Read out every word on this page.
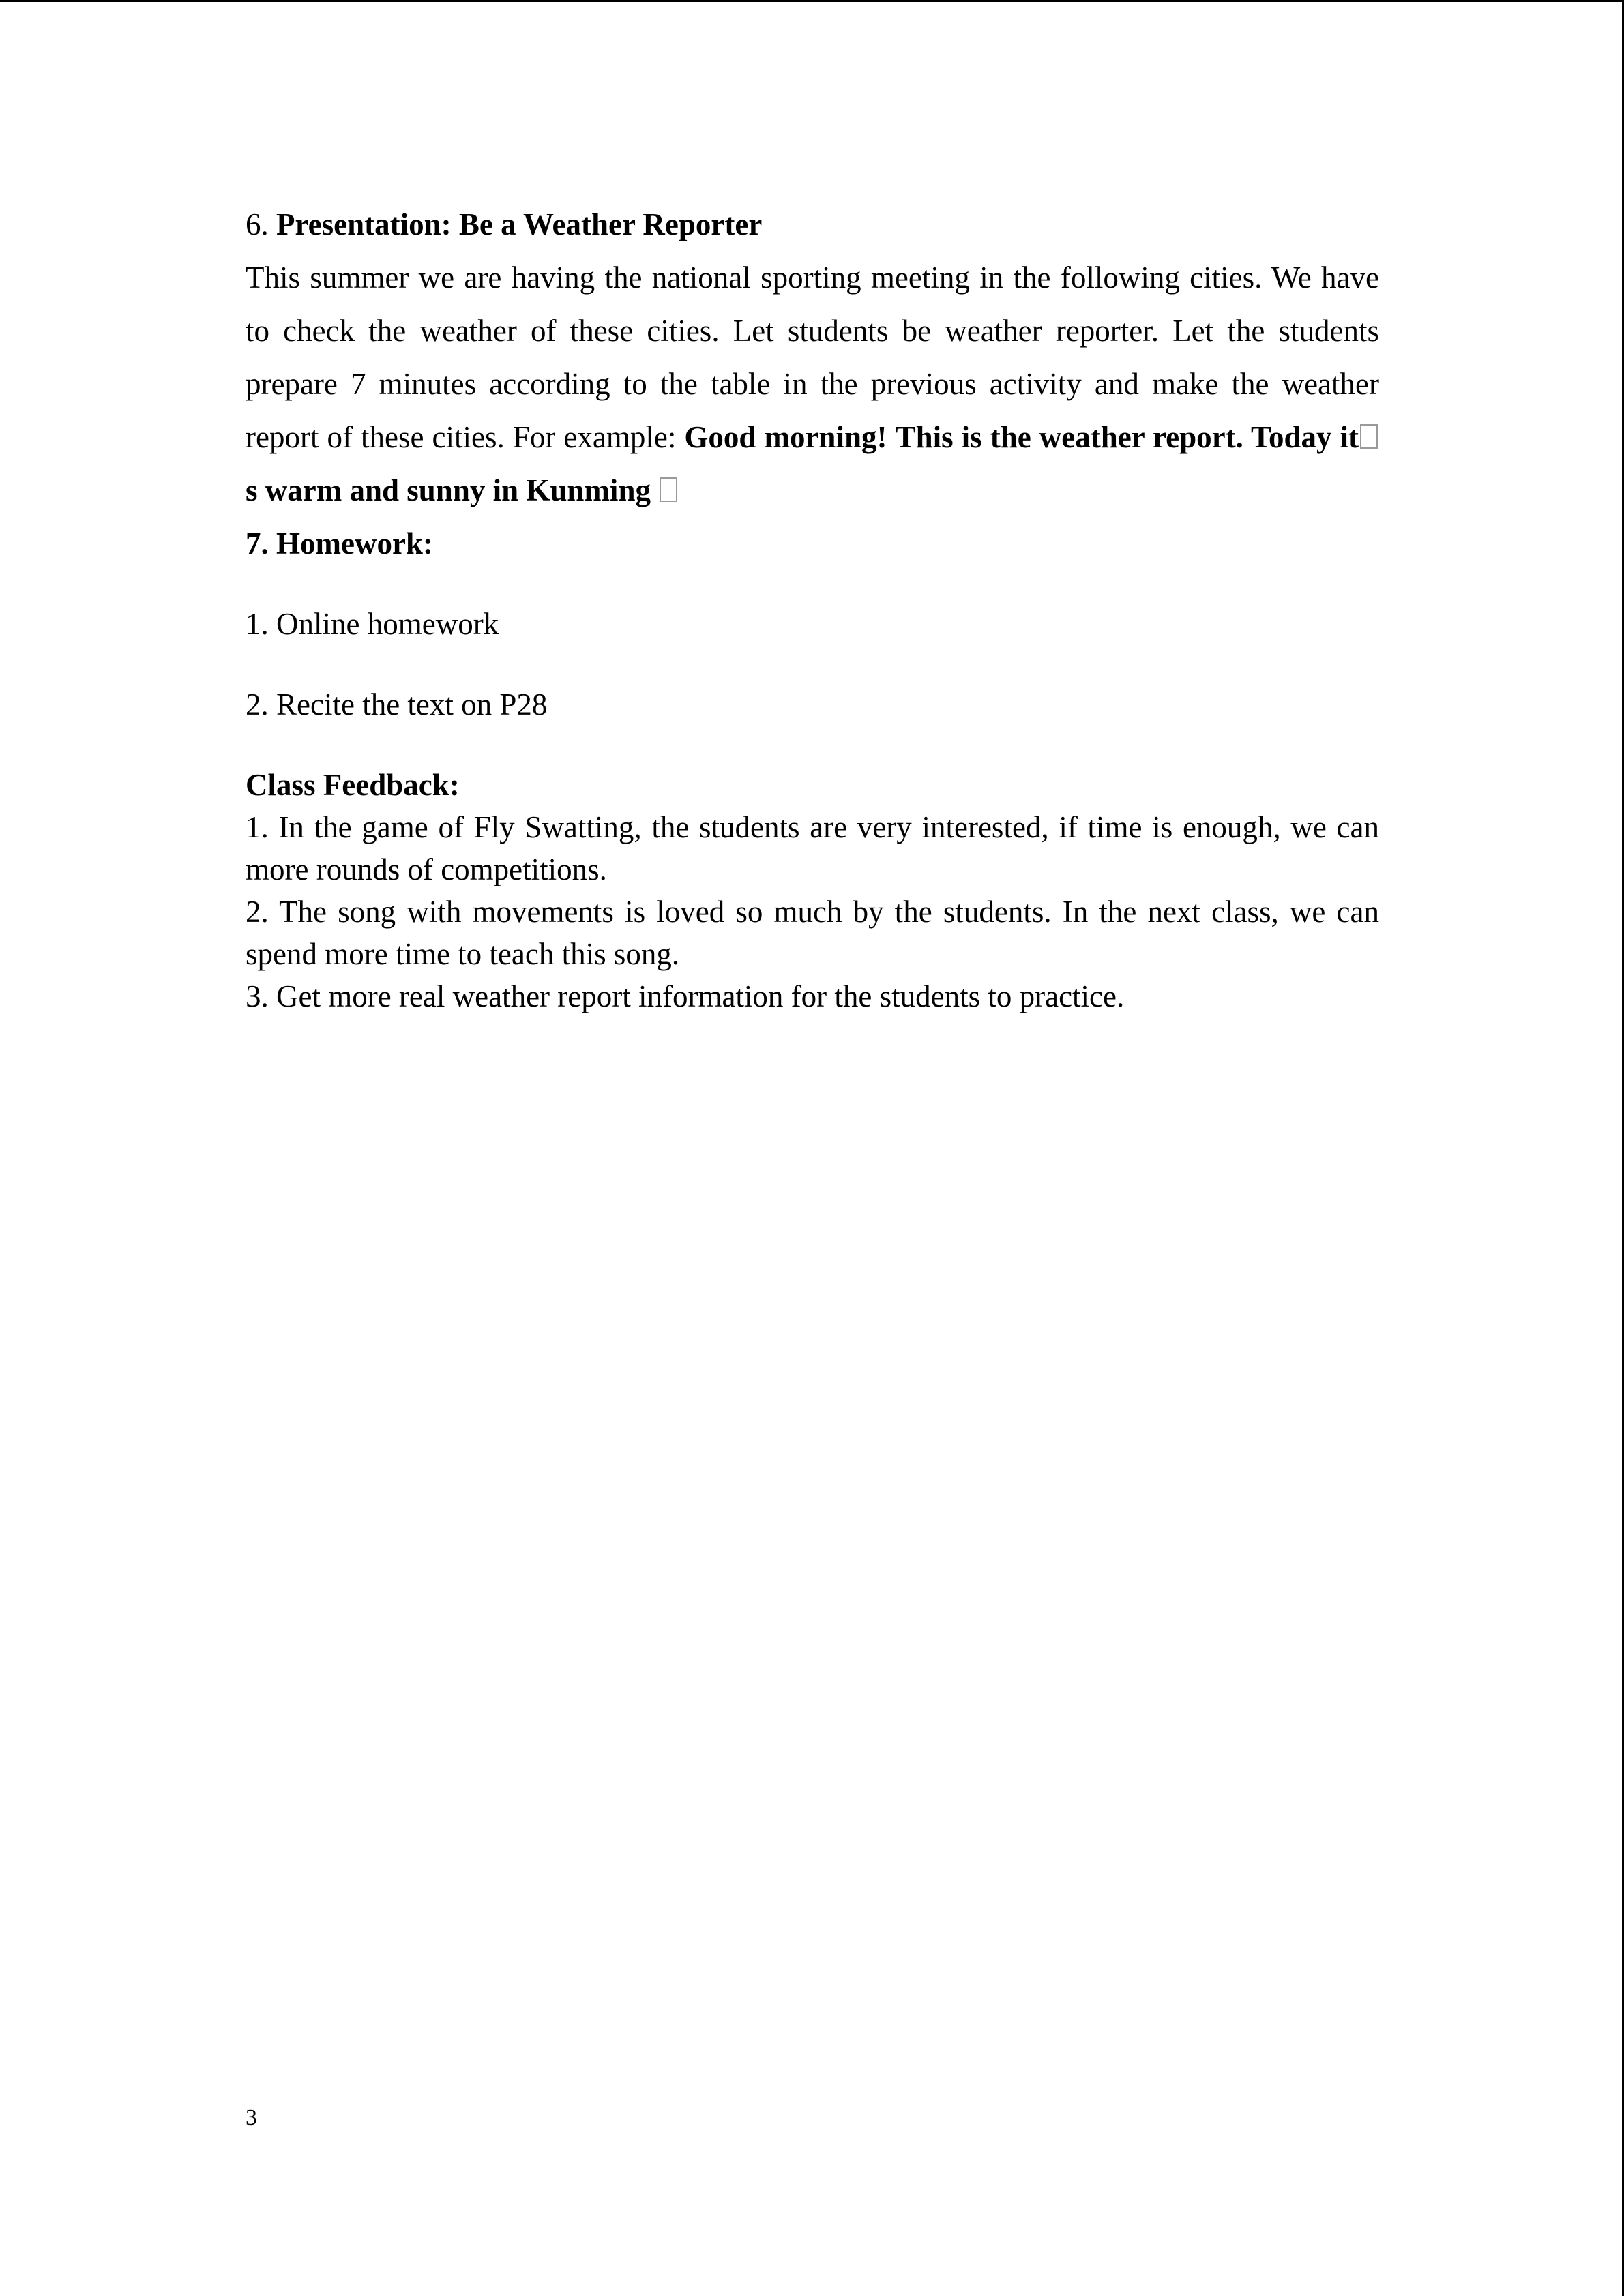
6. Presentation: Be a Weather Reporter

This summer we are having the national sporting meeting in the following cities. We have to check the weather of these cities. Let students be weather reporter. Let the students prepare 7 minutes according to the table in the previous activity and make the weather report of these cities. For example: Good morning! This is the weather report. Today its warm and sunny in Kunming

7. Homework:

1. Online homework

2. Recite the text on P28

Class Feedback:

1. In the game of Fly Swatting, the students are very interested, if time is enough, we can more rounds of competitions.

2. The song with movements is loved so much by the students. In the next class, we can spend more time to teach this song.

3. Get more real weather report information for the students to practice.

3
